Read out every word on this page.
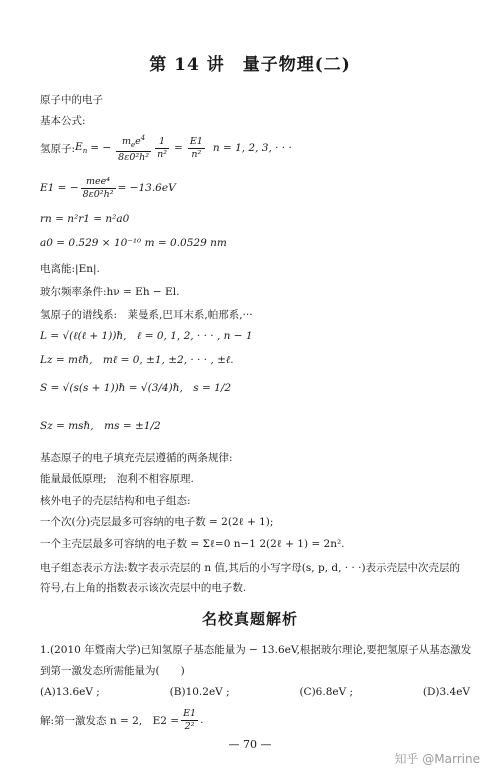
第 14 讲　量子物理(二)
原子中的电子
基本公式:
氢原子: $E_n$ = − $\frac{m_ee^4}{\text{8ε0²h²}} \frac{1}{\text{n²}} = \frac{E1}{\text{n²}}$ n = 1, 2, 3, · · ·
E1 = − $\frac{\text{mee⁴}}{\text{8ε0²h²}} = -13.6eV$
rn = n²r1 = n²a0
a0 = 0.529 × 10⁻¹⁰ m = 0.0529 nm
电离能:|En|.
玻尔频率条件:hν = Eh − El.
氢原子的谱线系:　莱曼系,巴耳末系,帕邢系,···
L = √(ℓ(ℓ + 1))ℏ,　ℓ = 0, 1, 2, · · · , n − 1
Lz = mℓℏ,　mℓ = 0, ±1, ±2, · · · , ±ℓ.
S = √(s(s + 1))ℏ = √(3/4)ℏ,　s = 1/2
Sz = msℏ,　ms = ±1/2
基态原子的电子填充壳层遵循的两条规律:
能量最低原理;　泡利不相容原理.
核外电子的壳层结构和电子组态:
一个次(分)壳层最多可容纳的电子数 = 2(2ℓ + 1);
一个主壳层最多可容纳的电子数 = Σℓ=0 n−1 2(2ℓ + 1) = 2n².
电子组态表示方法:数字表示壳层的 n 值,其后的小写字母(s, p, d, · · ·)表示壳层中次壳层的符号,右上角的指数表示该次壳层中的电子数.
名校真题解析
1.(2010 年暨南大学)已知氢原子基态能量为 − 13.6eV,根据玻尔理论,要把氢原子从基态激发到第一激发态所需能量为(　　)
(A)13.6eV ;	(B)10.2eV ;	(C)6.8eV ;	(D)3.4eV
解:第一激发态 n = 2,　$E2 = \frac{E1}{\text{2²}}$ .
— 70 —
知乎 @Marrine
